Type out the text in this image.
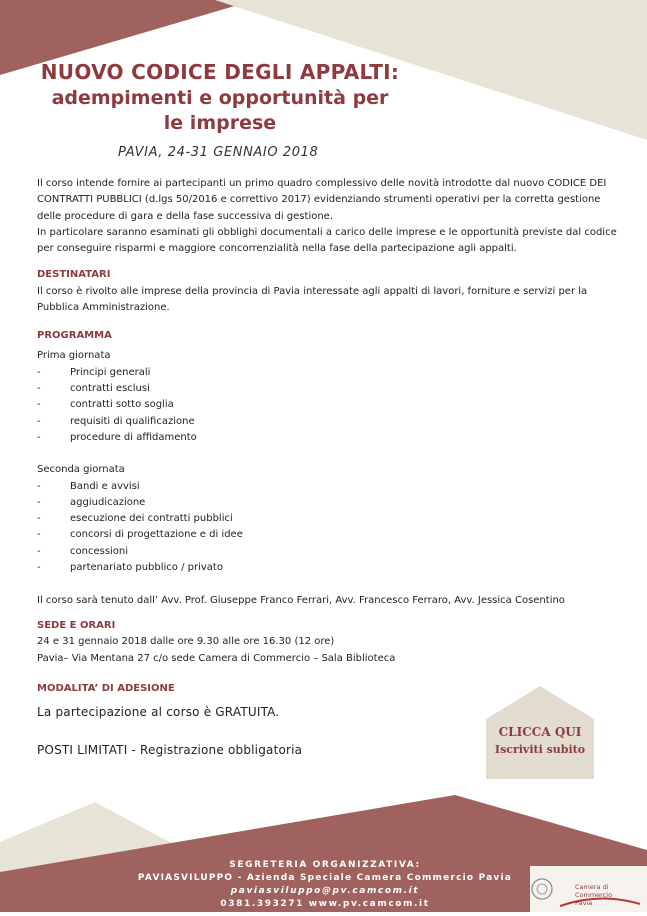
NUOVO CODICE DEGLI APPALTI:
adempimenti e opportunità per
le imprese
PAVIA, 24-31 GENNAIO 2018
Il corso intende fornire ai partecipanti un primo quadro complessivo delle novità introdotte dal nuovo CODICE DEI
CONTRATTI PUBBLICI (d.lgs 50/2016 e correttivo 2017) evidenziando strumenti operativi per la corretta gestione
delle procedure di gara e della fase successiva di gestione.
In particolare saranno esaminati gli obblighi documentali a carico delle imprese e le opportunità previste dal codice
per conseguire risparmi e maggiore concorrenzialità nella fase della partecipazione agli appalti.
DESTINATARI
Il corso è rivolto alle imprese della provincia di Pavia interessate agli appalti di lavori, forniture e servizi per la
Pubblica Amministrazione.
PROGRAMMA
Prima giornata
-	Principi generali
-	contratti esclusi
-	contratti sotto soglia
-	requisiti di qualificazione
-	procedure di affidamento
Seconda giornata
-	Bandi e avvisi
-	aggiudicazione
-	esecuzione dei contratti pubblici
-	concorsi di progettazione e di idee
-	concessioni
-	partenariato pubblico / privato
Il corso sarà tenuto dall’ Avv. Prof. Giuseppe Franco Ferrari, Avv. Francesco Ferraro, Avv. Jessica Cosentino
SEDE E ORARI
24 e 31 gennaio 2018 dalle ore 9.30 alle ore 16.30 (12 ore)
Pavia– Via Mentana 27 c/o sede Camera di Commercio – Sala Biblioteca
MODALITA’ DI ADESIONE
La partecipazione al corso è GRATUITA.
POSTI LIMITATI - Registrazione obbligatoria
CLICCA QUI
Iscriviti subito
SEGRETERIA ORGANIZZATIVA:
PAVIASVILUPPO - Azienda Speciale Camera Commercio Pavia
paviasviluppo@pv.camcom.it
0381.393271 www.pv.camcom.it
Camera di Commercio
Pavia
